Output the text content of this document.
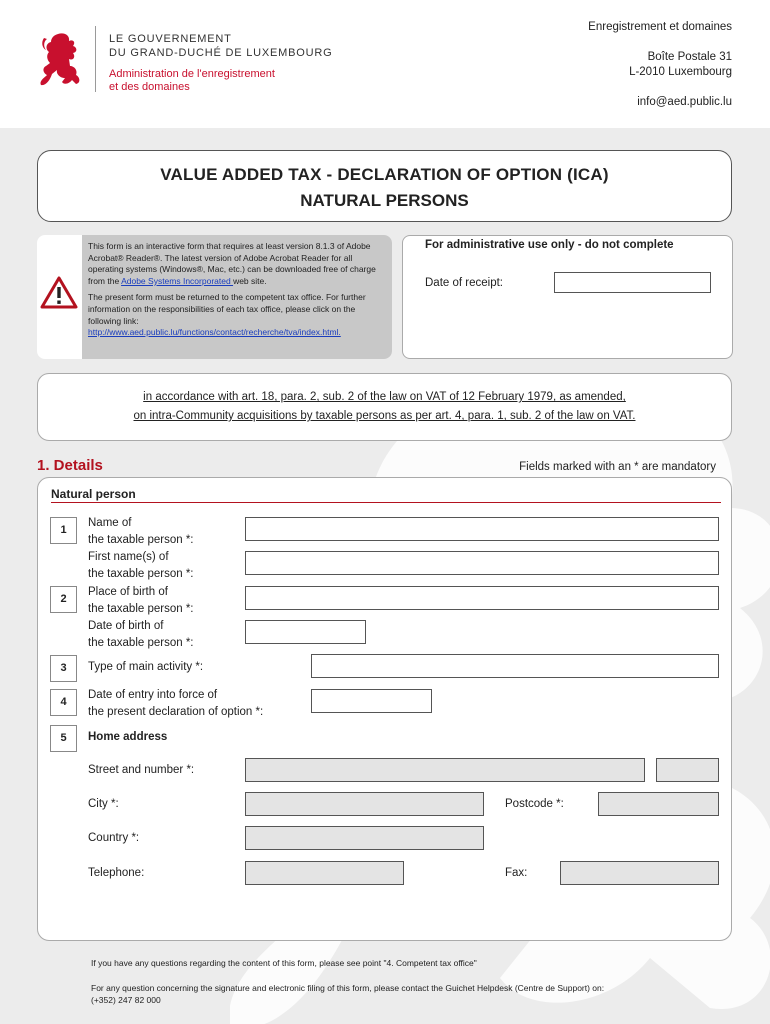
LE GOUVERNEMENT
DU GRAND-DUCHÉ DE LUXEMBOURG
Administration de l'enregistrement
et des domaines
Enregistrement et domaines
Boîte Postale 31
L-2010 Luxembourg
info@aed.public.lu
VALUE ADDED TAX - DECLARATION OF OPTION (ICA)
NATURAL PERSONS
This form is an interactive form that requires at least version 8.1.3 of Adobe Acrobat® Reader®. The latest version of Adobe Acrobat Reader for all operating systems (Windows®, Mac, etc.) can be downloaded free of charge from the Adobe Systems Incorporated web site.
The present form must be returned to the competent tax office. For further information on the responsibilities of each tax office, please click on the following link:
http://www.aed.public.lu/functions/contact/recherche/tva/index.html.
For administrative use only - do not complete
Date of receipt:
in accordance with art. 18, para. 2, sub. 2 of the law on VAT of 12 February 1979, as amended,
on intra-Community acquisitions by taxable persons as per art. 4, para. 1, sub. 2 of the law on VAT.
1. Details	Fields marked with an * are mandatory
Natural person
1
Name of
the taxable person *:
First name(s) of
the taxable person *:
2
Place of birth of
the taxable person *:
Date of birth of
the taxable person *:
3	Type of main activity *:
4
Date of entry into force of
the present declaration of option *:
5	Home address
Street and number *:
City *:	Postcode *:
Country *:
Telephone:	Fax:
If you have any questions regarding the content of this form, please see point "4. Competent tax office"
For any question concerning the signature and electronic filing of this form, please contact the Guichet Helpdesk (Centre de Support) on:
(+352) 247 82 000
